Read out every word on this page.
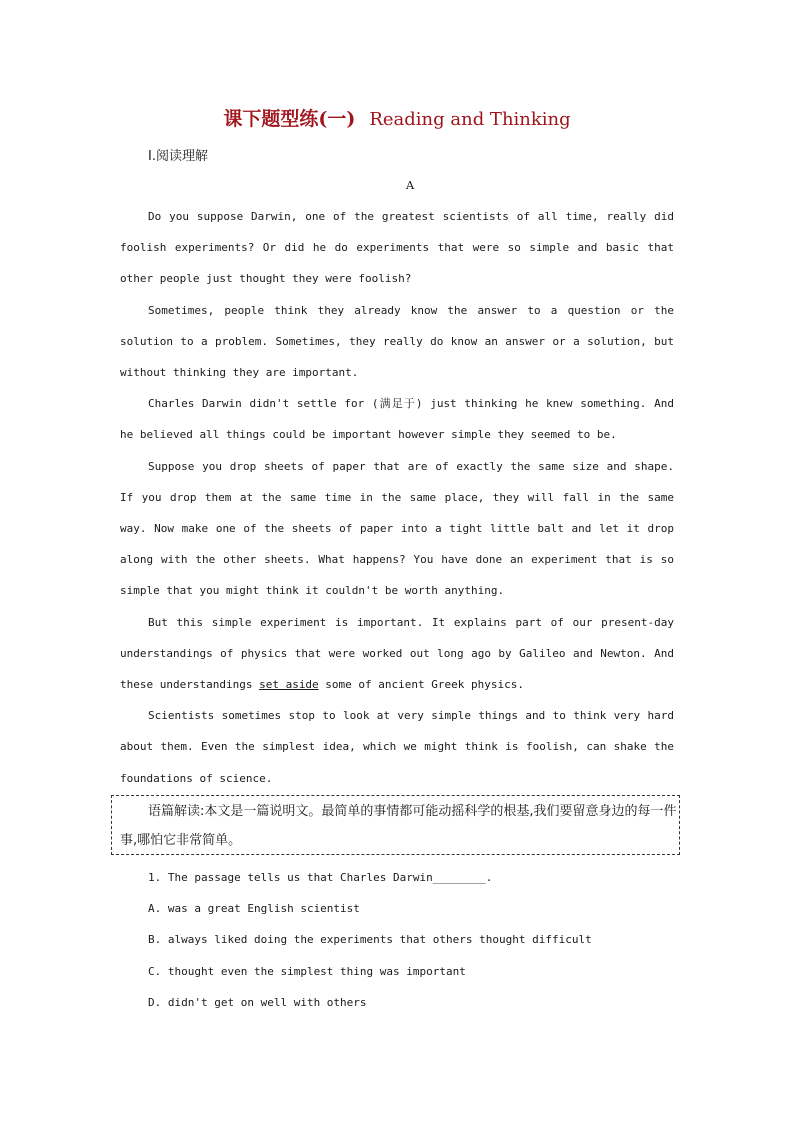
课下题型练(一) Reading and Thinking
Ⅰ.阅读理解
A

Do you suppose Darwin, one of the greatest scientists of all time, really did foolish experiments? Or did he do experiments that were so simple and basic that other people just thought they were foolish?

Sometimes, people think they already know the answer to a question or the solution to a problem. Sometimes, they really do know an answer or a solution, but without thinking they are important.

Charles Darwin didn't settle for (满足于) just thinking he knew something. And he believed all things could be important however simple they seemed to be.

Suppose you drop sheets of paper that are of exactly the same size and shape. If you drop them at the same time in the same place, they will fall in the same way. Now make one of the sheets of paper into a tight little balt and let it drop along with the other sheets. What happens? You have done an experiment that is so simple that you might think it couldn't be worth anything.

But this simple experiment is important. It explains part of our present-day understandings of physics that were worked out long ago by Galileo and Newton. And these understandings set aside some of ancient Greek physics.

Scientists sometimes stop to look at very simple things and to think very hard about them. Even the simplest idea, which we might think is foolish, can shake the foundations of science.

语篇解读:本文是一篇说明文。最简单的事情都可能动摇科学的根基,我们要留意身边的每一件事,哪怕它非常简单。

1. The passage tells us that Charles Darwin________.
A. was a great English scientist
B. always liked doing the experiments that others thought difficult
C. thought even the simplest thing was important
D. didn't get on well with others
